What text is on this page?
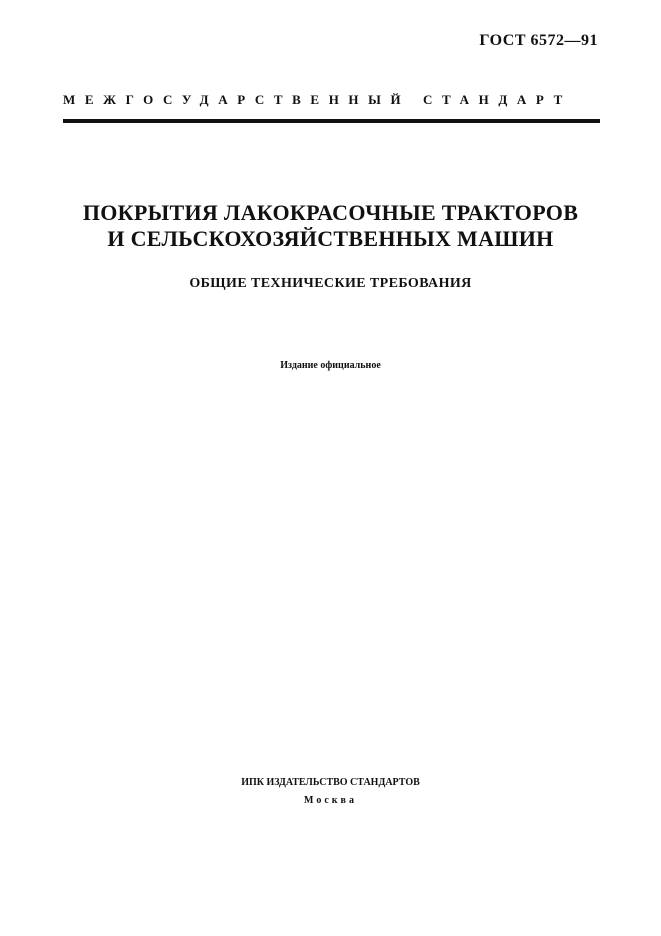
ГОСТ 6572—91
МЕЖГОСУДАРСТВЕННЫЙ СТАНДАРТ
ПОКРЫТИЯ ЛАКОКРАСОЧНЫЕ ТРАКТОРОВ
И СЕЛЬСКОХОЗЯЙСТВЕННЫХ МАШИН
ОБЩИЕ ТЕХНИЧЕСКИЕ ТРЕБОВАНИЯ
Издание официальное
ИПК ИЗДАТЕЛЬСТВО СТАНДАРТОВ
Москва
